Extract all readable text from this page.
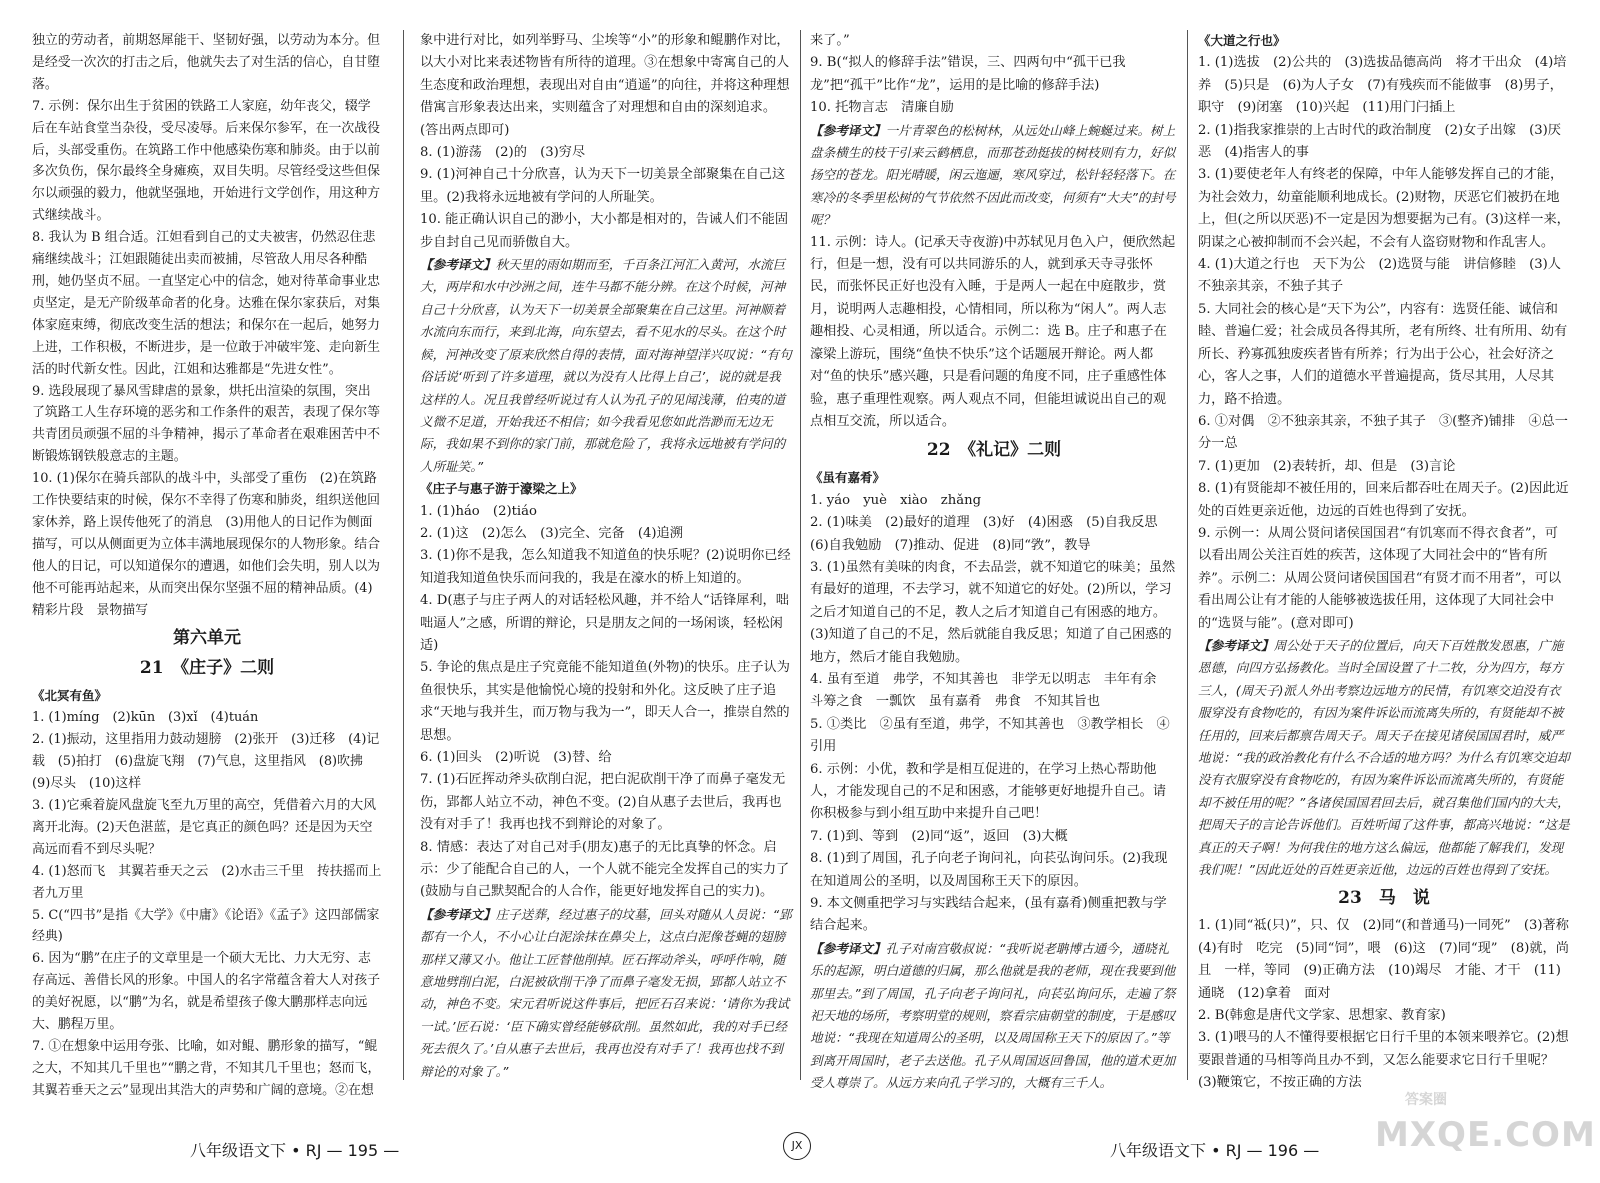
独立的劳动者，前期怒犀能干、坚韧好强，以劳动为本分。但是经受一次次的打击之后，他就失去了对生活的信心，自甘堕落。

7. 示例：保尔出生于贫困的铁路工人家庭，幼年丧父，辍学后在车站食堂当杂役，受尽凌辱。后来保尔参军，在一次战役后，头部受重伤。在筑路工作中他感染伤寒和肺炎。由于以前多次负伤，保尔最终全身瘫痪，双目失明。尽管经受这些但保尔以顽强的毅力，他就坚强地，开始进行文学创作，用这种方式继续战斗。

8. 我认为 B 组合适。江妲看到自己的丈夫被害，仍然忍住悲痛继续战斗；江妲跟随徒出卖而被捕，尽管敌人用尽各种酷刑，她仍坚贞不屈。一直坚定心中的信念，她对待革命事业忠贞坚定，是无产阶级革命者的化身。达雅在保尔家获后，对集体家庭束缚，彻底改变生活的想法；和保尔在一起后，她努力上进，工作积极，不断进步，是一位敢于冲破牢笼、走向新生活的时代新女性。因此，江姐和达雅都是“先进女性”。

9. 选段展现了暴风雪肆虐的景象，烘托出渲染的氛围，突出了筑路工人生存环境的恶劣和工作条件的艰苦，表现了保尔等共青团员顽强不屈的斗争精神，揭示了革命者在艰难困苦中不断锻炼钢铁般意志的主题。

10. (1)保尔在骑兵部队的战斗中，头部受了重伤　(2)在筑路工作快要结束的时候，保尔不幸得了伤寒和肺炎，组织送他回家休养，路上误传他死了的消息　(3)用他人的日记作为侧面描写，可以从侧面更为立体丰满地展现保尔的人物形象。结合他人的日记，可以知道保尔的遭遇，如他们会失明，别人以为他不可能再站起来，从而突出保尔坚强不屈的精神品质。(4)精彩片段　景物描写

第六单元
21　《庄子》二则

《北冥有鱼》

1. (1)míng　(2)kūn　(3)xǐ　(4)tuán

2. (1)振动，这里指用力鼓动翅膀　(2)张开　(3)迁移　(4)记载　(5)拍打　(6)盘旋飞翔　(7)气息，这里指风　(8)吹拂　(9)尽头　(10)这样

3. (1)它乘着旋风盘旋飞至九万里的高空，凭借着六月的大风离开北海。(2)天色湛蓝，是它真正的颜色吗？还是因为天空高远而看不到尽头呢？

4. (1)怒而飞　其翼若垂天之云　(2)水击三千里　抟扶摇而上者九万里

5. C(“四书”是指《大学》《中庸》《论语》《孟子》这四部儒家经典)

6. 因为“鹏”在庄子的文章里是一个硕大无比、力大无穷、志存高远、善借长风的形象。中国人的名字常蕴含着大人对孩子的美好祝愿，以“鹏”为名，就是希望孩子像大鹏那样志向远大、鹏程万里。

7. ①在想象中运用夸张、比喻，如对鲲、鹏形象的描写，“鲲之大，不知其几千里也”“鹏之背，不知其几千里也；怒而飞，其翼若垂天之云”显现出其浩大的声势和广阔的意境。②在想

象中进行对比，如列举野马、尘埃等“小”的形象和鲲鹏作对比，以大小对比来表述物皆有所待的道理。③在想象中寄寓自己的人生态度和政治理想，表现出对自由“逍遥”的向往，并将这种理想借寓言形象表达出来，实则蕴含了对理想和自由的深刻追求。(答出两点即可)

8. (1)游荡　(2)的　(3)穷尽

9. (1)河神自己十分欣喜，认为天下一切美景全部聚集在自己这里。(2)我将永远地被有学问的人所耻笑。

10. 能正确认识自己的渺小，大小都是相对的，告诫人们不能固步自封自己见而骄傲自大。

【参考译文】秋天里的雨如期而至，千百条江河汇入黄河，水流巨大，两岸和水中沙洲之间，连牛马都不能分辨。在这个时候，河神自己十分欣喜，认为天下一切美景全部聚集在自己这里。河神顺着水流向东而行，来到北海，向东望去，看不见水的尽头。在这个时候，河神改变了原来欣然自得的表情，面对海神望洋兴叹说：“有句俗话说‘听到了许多道理，就以为没有人比得上自己’，说的就是我这样的人。况且我曾经听说过有人认为孔子的见闻浅薄，伯夷的道义微不足道，开始我还不相信；如今我看见您如此浩渺而无边无际，我如果不到你的家门前，那就危险了，我将永远地被有学问的人所耻笑。”

《庄子与惠子游于濠梁之上》

1. (1)háo　(2)tiáo

2. (1)这　(2)怎么　(3)完全、完备　(4)追溯

3. (1)你不是我，怎么知道我不知道鱼的快乐呢？(2)说明你已经知道我知道鱼快乐而问我的，我是在濠水的桥上知道的。

4. D(惠子与庄子两人的对话轻松风趣，并不给人“话锋犀利，咄咄逼人”之感，所谓的辩论，只是朋友之间的一场闲谈，轻松闲适)

5. 争论的焦点是庄子究竟能不能知道鱼(外物)的快乐。庄子认为鱼很快乐，其实是他愉悦心境的投射和外化。这反映了庄子追求“天地与我并生，而万物与我为一”，即天人合一，推崇自然的思想。

6. (1)回头　(2)听说　(3)替、给

7. (1)石匠挥动斧头砍削白泥，把白泥砍削干净了而鼻子毫发无伤，郢都人站立不动，神色不变。(2)自从惠子去世后，我再也没有对手了！我再也找不到辩论的对象了。

8. 情感：表达了对自己对手(朋友)惠子的无比真挚的怀念。启示：少了能配合自己的人，一个人就不能完全发挥自己的实力了(鼓励与自己默契配合的人合作，能更好地发挥自己的实力)。

【参考译文】庄子送葬，经过惠子的坟墓，回头对随从人员说：“郢都有一个人，不小心让白泥涂抹在鼻尖上，这点白泥像苍蝇的翅膀那样又薄又小。他让工匠替他削掉。匠石挥动斧头，呼呼作响，随意地劈削白泥，白泥被砍削干净了而鼻子毫发无损，郢都人站立不动，神色不变。宋元君听说这件事后，把匠石召来说：‘请你为我试一试。’匠石说：‘臣下确实曾经能够砍削。虽然如此，我的对手已经死去很久了。’自从惠子去世后，我再也没有对手了！我再也找不到辩论的对象了。”

来了。”

9. B(“拟人的修辞手法”错误，三、四两句中“孤干已我龙”把“孤干”比作“龙”，运用的是比喻的修辞手法)

10. 托物言志　清廉自励

【参考译文】一片青翠色的松树林，从远处山峰上蜿蜒过来。树上盘条横生的枝干引来云鹤栖息，而那苍劲挺拔的树枝则有力，好似扬空的苍龙。阳光晴暖，闲云迤逦，寒风穿过，松针轻轻落下。在寒冷的冬季里松树的气节依然不因此而改变，何须有“大夫”的封号呢？

11. 示例：诗人。(记承天寺夜游)中苏轼见月色入户，便欣然起行，但是一想，没有可以共同游乐的人，就到承天寺寻张怀民，而张怀民正好也没有入睡，于是两人一起在中庭散步，赏月，说明两人志趣相投，心情相同，所以称为“闲人”。两人志趣相投、心灵相通，所以适合。示例二：选 B。庄子和惠子在濠梁上游玩，围绕“鱼快不快乐”这个话题展开辩论。两人都对“鱼的快乐”感兴趣，只是看问题的角度不同，庄子重感性体验，惠子重理性观察。两人观点不同，但能坦诚说出自己的观点相互交流，所以适合。

22　《礼记》二则

《虽有嘉肴》

1. yáo　yuè　xiào　zhǎng

2. (1)味美　(2)最好的道理　(3)好　(4)困惑　(5)自我反思　(6)自我勉励　(7)推动、促进　(8)同“敩”，教导

3. (1)虽然有美味的肉食，不去品尝，就不知道它的味美；虽然有最好的道理，不去学习，就不知道它的好处。(2)所以，学习之后才知道自己的不足，教人之后才知道自己有困惑的地方。(3)知道了自己的不足，然后就能自我反思；知道了自己困惑的地方，然后才能自我勉励。

4. 虽有至道　弗学，不知其善也　非学无以明志　丰年有余　斗筹之食　一瓢饮　虽有嘉肴　弗食　不知其旨也

5. ①类比　②虽有至道，弗学，不知其善也　③教学相长　④引用

6. 示例：小优，教和学是相互促进的，在学习上热心帮助他人，才能发现自己的不足和困惑，才能够更好地提升自己。请你积极参与到小组互助中来提升自己吧！

7. (1)到、等到　(2)同“返”，返回　(3)大概

8. (1)到了周国，孔子向老子询问礼，向苌弘询问乐。(2)我现在知道周公的圣明，以及周国称王天下的原因。

9. 本文侧重把学习与实践结合起来，(虽有嘉肴)侧重把教与学结合起来。

【参考译文】孔子对南宫敬叔说：“我听说老聃博古通今，通晓礼乐的起源，明白道德的归属，那么他就是我的老师，现在我要到他那里去。”到了周国，孔子向老子询问礼，向苌弘询问乐，走遍了祭祀天地的场所，考察明堂的规则，察看宗庙朝堂的制度，于是感叹地说：“我现在知道周公的圣明，以及周国称王天下的原因了。”等到离开周国时，老子去送他。孔子从周国返回鲁国，他的道术更加受人尊崇了。从远方来向孔子学习的，大概有三千人。

《大道之行也》

1. (1)选拔　(2)公共的　(3)选拔品德高尚　将才干出众　(4)培养　(5)只是　(6)为人子女　(7)有残疾而不能做事　(8)男子，职守　(9)闭塞　(10)兴起　(11)用门闩插上

2. (1)指我家推崇的上古时代的政治制度　(2)女子出嫁　(3)厌恶　(4)指害人的事

3. (1)要使老年人有终老的保障，中年人能够发挥自己的才能，为社会效力，幼童能顺利地成长。(2)财物，厌恶它们被扔在地上，但(之所以厌恶)不一定是因为想要据为己有。(3)这样一来，阴谋之心被抑制而不会兴起，不会有人盗窃财物和作乱害人。

4. (1)大道之行也　天下为公　(2)选贤与能　讲信修睦　(3)人不独亲其亲，不独子其子

5. 大同社会的核心是“天下为公”，内容有：选贤任能、诚信和睦、普遍仁爱；社会成员各得其所，老有所终、壮有所用、幼有所长、矜寡孤独废疾者皆有所养；行为出于公心，社会好济之心，客人之事，人们的道德水平普遍提高，货尽其用，人尽其力，路不拾遗。

6. ①对偶　②不独亲其亲，不独子其子　③(整齐)铺排　④总一分一总

7. (1)更加　(2)表转折，却、但是　(3)言论

8. (1)有贤能却不被任用的，回来后都吞吐在周天子。(2)因此近处的百姓更亲近他，边远的百姓也得到了安抚。

9. 示例一：从周公贤问诸侯国国君“有饥寒而不得衣食者”，可以看出周公关注百姓的疾苦，这体现了大同社会中的“皆有所养”。示例二：从周公贤问诸侯国国君“有贤才而不用者”，可以看出周公让有才能的人能够被选拔任用，这体现了大同社会中的“选贤与能”。(意对即可)

【参考译文】周公处于天子的位置后，向天下百姓散发恩惠，广施恩德，向四方弘扬教化。当时全国设置了十二牧，分为四方，每方三人，(周天子)派人外出考察边远地方的民情，有饥寒交迫没有衣服穿没有食物吃的，有因为案件诉讼而流离失所的，有贤能却不被任用的，回来后都禀告周天子。周天子在接见诸侯国国君时，威严地说：“我的政治教化有什么不合适的地方吗？为什么有饥寒交迫却没有衣服穿没有食物吃的，有因为案件诉讼而流离失所的，有贤能却不被任用的呢？”各诸侯国国君回去后，就召集他们国内的大夫，把周天子的言论告诉他们。百姓听闻了这件事，都高兴地说：“这是真正的天子啊！为何我住的地方这么偏远，他都能了解我们，发现我们呢！”因此近处的百姓更亲近他，边远的百姓也得到了安抚。

23　马　说

1. (1)同“祗(只)”，只、仅　(2)同“(和普通马)一同死”　(3)著称　(4)有时　吃完　(5)同“饲”，喂　(6)这　(7)同“现”　(8)就，尚且　一样，等同　(9)正确方法　(10)竭尽　才能、才干　(11)通晓　(12)拿着　面对

2. B(韩愈是唐代文学家、思想家、教育家)

3. (1)喂马的人不懂得要根据它日行千里的本领来喂养它。(2)想要跟普通的马相等尚且办不到，又怎么能要求它日行千里呢？(3)鞭策它，不按正确的方法

八年级语文下 • RJ — 195 —	JX	八年级语文下 • RJ — 196 —
答案圈
MXQE.COM
